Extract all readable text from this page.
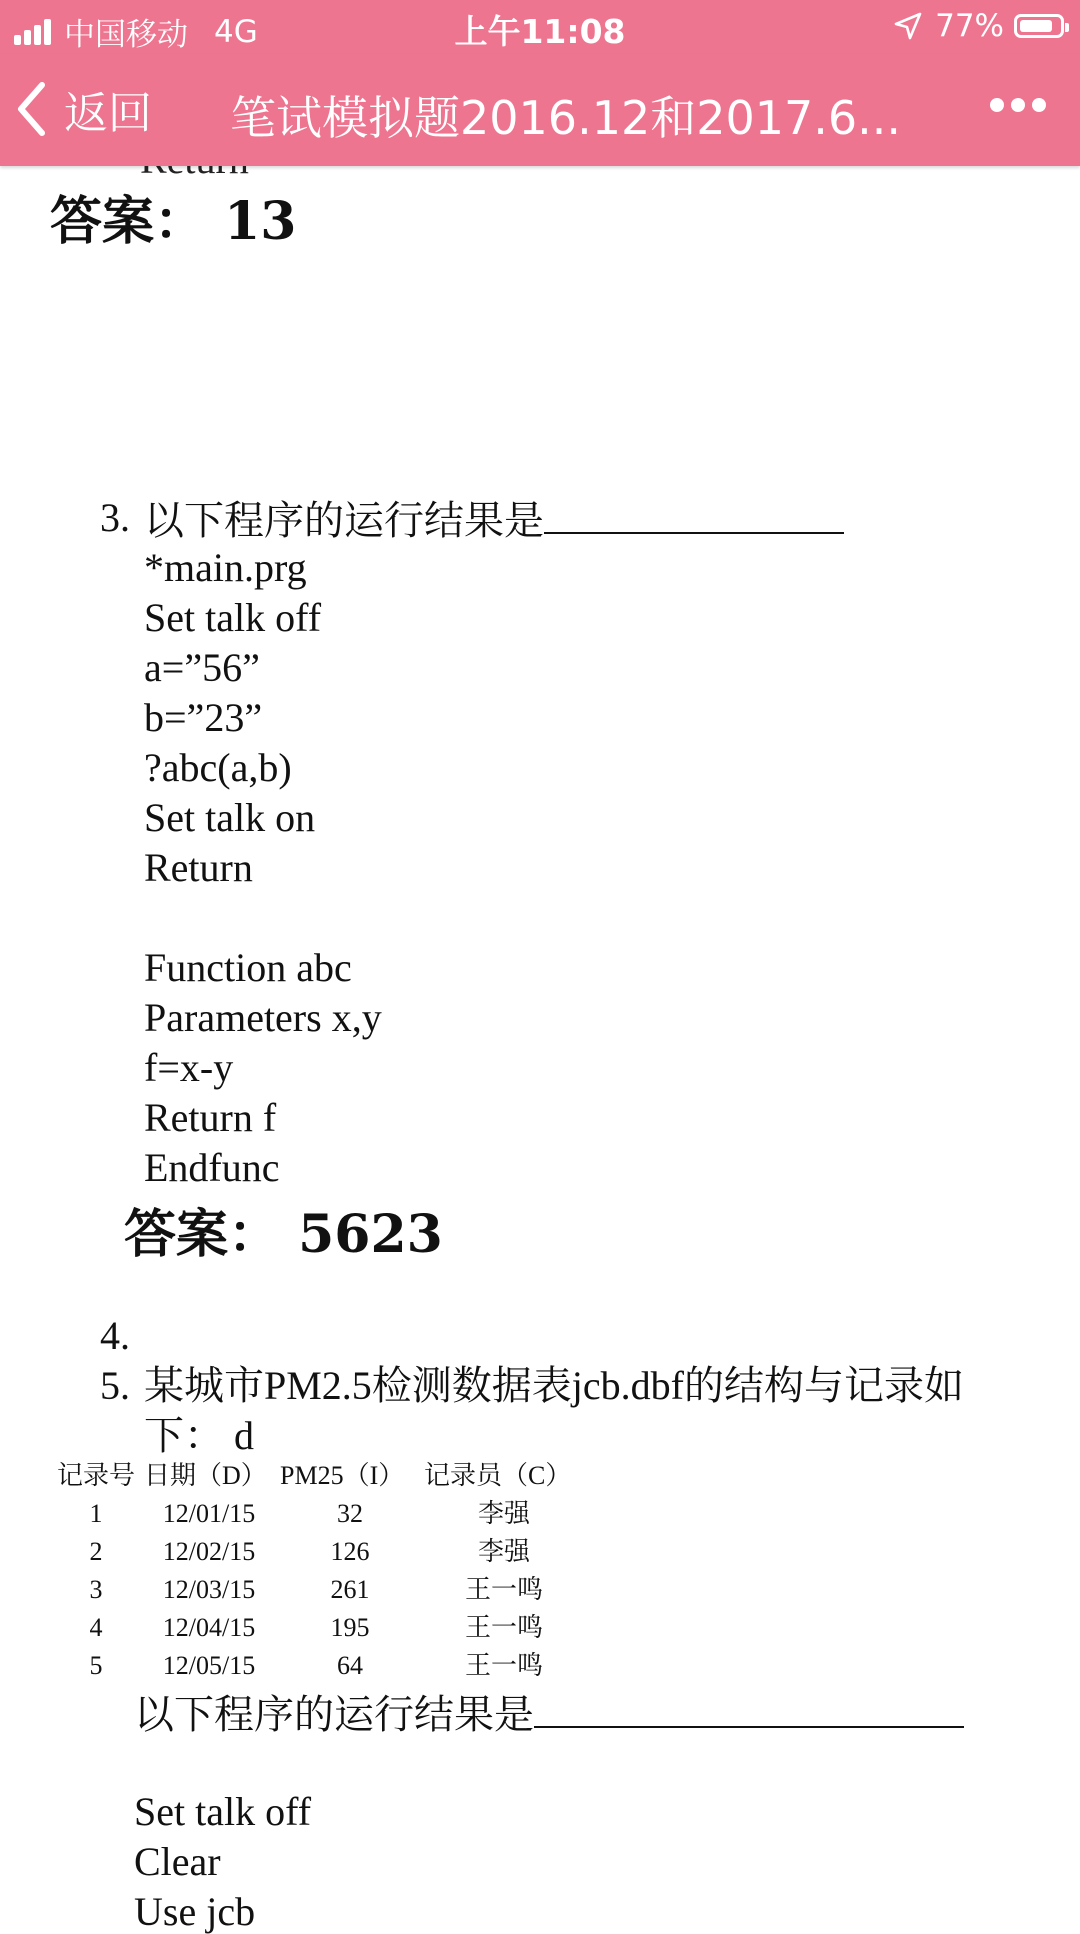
中国移动 4G	上午11:08	77%
返回 笔试模拟题2016.12和2017.6...
答案： 13
3. 以下程序的运行结果是
*main.prg
Set talk off
a=”56”
b=”23”
?abc(a,b)
Set talk on
Return
Function abc
Parameters x,y
f=x-y
Return f
Endfunc
答案： 5623
4.
5. 某城市PM2.5检测数据表jcb.dbf的结构与记录如
下： d
记录号 日期（D） PM25（I） 记录员（C）
1	12/01/15	32	李强
2	12/02/15	126	李强
3	12/03/15	261	王一鸣
4	12/04/15	195	王一鸣
5	12/05/15	64	王一鸣
以下程序的运行结果是
Set talk off
Clear
Use jcb
